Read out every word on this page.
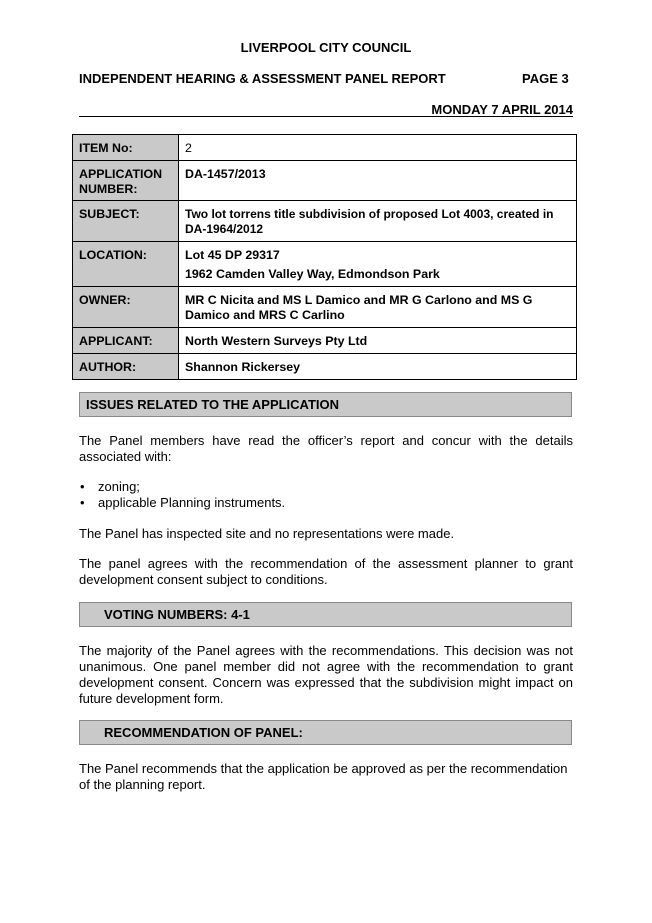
LIVERPOOL CITY COUNCIL
INDEPENDENT HEARING & ASSESSMENT PANEL REPORT	PAGE 3
MONDAY 7 APRIL 2014
ITEM No:	2
APPLICATION NUMBER:	DA-1457/2013
SUBJECT:	Two lot torrens title subdivision of proposed Lot 4003, created in DA-1964/2012
LOCATION:	Lot 45 DP 29317
1962 Camden Valley Way, Edmondson Park

OWNER:	MR C Nicita and MS L Damico and MR G Carlono and MS G Damico and MRS C Carlino
APPLICANT:	North Western Surveys Pty Ltd
AUTHOR:	Shannon Rickersey
ISSUES RELATED TO THE APPLICATION
The Panel members have read the officer’s report and concur with the details associated with:
• zoning;
• applicable Planning instruments.
The Panel has inspected site and no representations were made.
The panel agrees with the recommendation of the assessment planner to grant development consent subject to conditions.
VOTING NUMBERS: 4-1
The majority of the Panel agrees with the recommendations. This decision was not unanimous. One panel member did not agree with the recommendation to grant development consent. Concern was expressed that the subdivision might impact on future development form.
RECOMMENDATION OF PANEL:
The Panel recommends that the application be approved as per the recommendation of the planning report.
